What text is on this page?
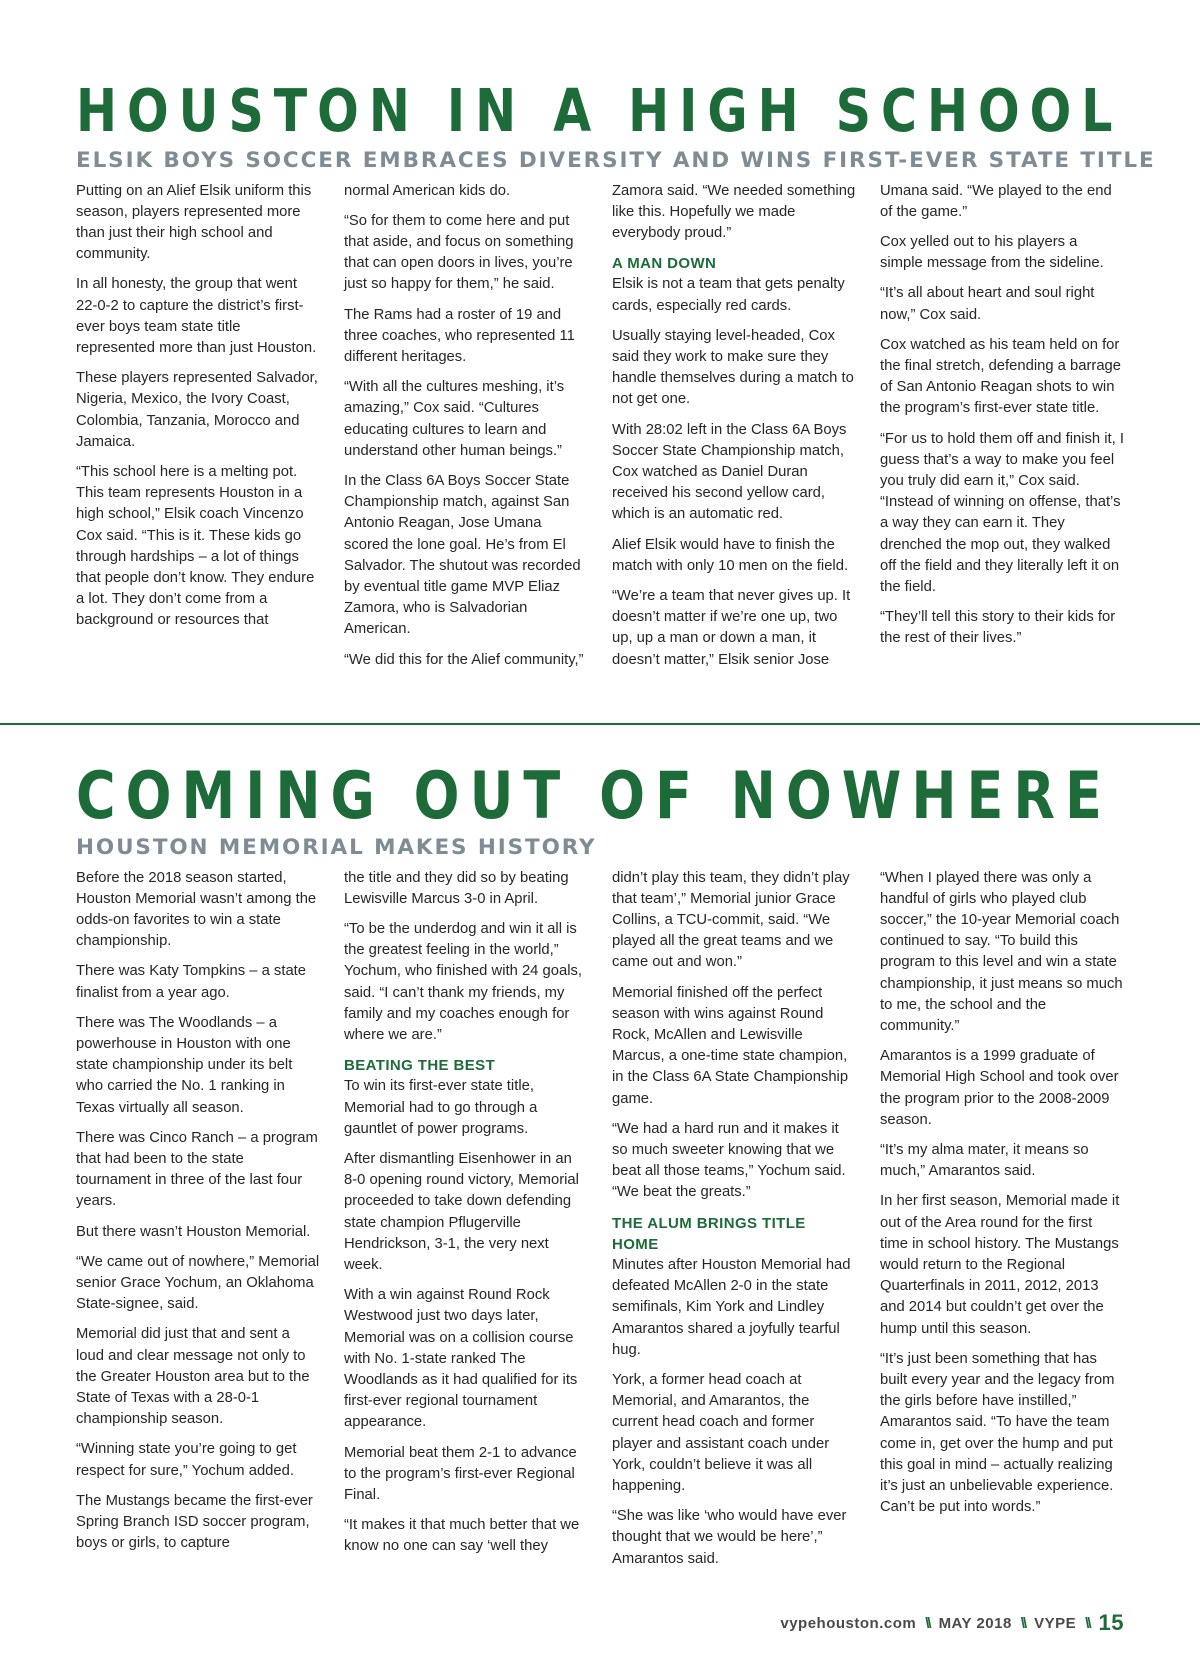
HOUSTON IN A HIGH SCHOOL
ELSIK BOYS SOCCER EMBRACES DIVERSITY AND WINS FIRST-EVER STATE TITLE

Putting on an Alief Elsik uniform this season, players represented more than just their high school and community.

In all honesty, the group that went 22-0-2 to capture the district’s first-ever boys team state title represented more than just Houston.

These players represented Salvador, Nigeria, Mexico, the Ivory Coast, Colombia, Tanzania, Morocco and Jamaica.

“This school here is a melting pot. This team represents Houston in a high school,” Elsik coach Vincenzo Cox said. “This is it. These kids go through hardships – a lot of things that people don’t know. They endure a lot. They don’t come from a background or resources that

normal American kids do.

“So for them to come here and put that aside, and focus on something that can open doors in lives, you’re just so happy for them,” he said.

The Rams had a roster of 19 and three coaches, who represented 11 different heritages.

“With all the cultures meshing, it’s amazing,” Cox said. “Cultures educating cultures to learn and understand other human beings.”

In the Class 6A Boys Soccer State Championship match, against San Antonio Reagan, Jose Umana scored the lone goal. He’s from El Salvador. The shutout was recorded by eventual title game MVP Eliaz Zamora, who is Salvadorian American.

“We did this for the Alief community,”

Zamora said. “We needed something like this. Hopefully we made everybody proud.”

A MAN DOWN

Elsik is not a team that gets penalty cards, especially red cards.

Usually staying level-headed, Cox said they work to make sure they handle themselves during a match to not get one.

With 28:02 left in the Class 6A Boys Soccer State Championship match, Cox watched as Daniel Duran received his second yellow card, which is an automatic red.

Alief Elsik would have to finish the match with only 10 men on the field.

“We’re a team that never gives up. It doesn’t matter if we’re one up, two up, up a man or down a man, it doesn’t matter,” Elsik senior Jose

Umana said. “We played to the end of the game.”

Cox yelled out to his players a simple message from the sideline.

“It’s all about heart and soul right now,” Cox said.

Cox watched as his team held on for the final stretch, defending a barrage of San Antonio Reagan shots to win the program’s first-ever state title.

“For us to hold them off and finish it, I guess that’s a way to make you feel you truly did earn it,” Cox said. “Instead of winning on offense, that’s a way they can earn it. They drenched the mop out, they walked off the field and they literally left it on the field.

“They’ll tell this story to their kids for the rest of their lives.”

COMING OUT OF NOWHERE
HOUSTON MEMORIAL MAKES HISTORY

Before the 2018 season started, Houston Memorial wasn’t among the odds-on favorites to win a state championship.

There was Katy Tompkins – a state finalist from a year ago.

There was The Woodlands – a powerhouse in Houston with one state championship under its belt who carried the No. 1 ranking in Texas virtually all season.

There was Cinco Ranch – a program that had been to the state tournament in three of the last four years.

But there wasn’t Houston Memorial.

“We came out of nowhere,” Memorial senior Grace Yochum, an Oklahoma State-signee, said.

Memorial did just that and sent a loud and clear message not only to the Greater Houston area but to the State of Texas with a 28-0-1 championship season.

“Winning state you’re going to get respect for sure,” Yochum added.

The Mustangs became the first-ever Spring Branch ISD soccer program, boys or girls, to capture

the title and they did so by beating Lewisville Marcus 3-0 in April.

“To be the underdog and win it all is the greatest feeling in the world,” Yochum, who finished with 24 goals, said. “I can’t thank my friends, my family and my coaches enough for where we are.”

BEATING THE BEST

To win its first-ever state title, Memorial had to go through a gauntlet of power programs.

After dismantling Eisenhower in an 8-0 opening round victory, Memorial proceeded to take down defending state champion Pflugerville Hendrickson, 3-1, the very next week.

With a win against Round Rock Westwood just two days later, Memorial was on a collision course with No. 1-state ranked The Woodlands as it had qualified for its first-ever regional tournament appearance.

Memorial beat them 2-1 to advance to the program’s first-ever Regional Final.

“It makes it that much better that we know no one can say ‘well they

didn’t play this team, they didn’t play that team’,” Memorial junior Grace Collins, a TCU-commit, said. “We played all the great teams and we came out and won.”

Memorial finished off the perfect season with wins against Round Rock, McAllen and Lewisville Marcus, a one-time state champion, in the Class 6A State Championship game.

“We had a hard run and it makes it so much sweeter knowing that we beat all those teams,” Yochum said. “We beat the greats.”

THE ALUM BRINGS TITLE HOME

Minutes after Houston Memorial had defeated McAllen 2-0 in the state semifinals, Kim York and Lindley Amarantos shared a joyfully tearful hug.

York, a former head coach at Memorial, and Amarantos, the current head coach and former player and assistant coach under York, couldn’t believe it was all happening.

“She was like ‘who would have ever thought that we would be here’,” Amarantos said.

“When I played there was only a handful of girls who played club soccer,” the 10-year Memorial coach continued to say. “To build this program to this level and win a state championship, it just means so much to me, the school and the community.”

Amarantos is a 1999 graduate of Memorial High School and took over the program prior to the 2008-2009 season.

“It’s my alma mater, it means so much,” Amarantos said.

In her first season, Memorial made it out of the Area round for the first time in school history. The Mustangs would return to the Regional Quarterfinals in 2011, 2012, 2013 and 2014 but couldn’t get over the hump until this season.

“It’s just been something that has built every year and the legacy from the girls before have instilled,” Amarantos said. “To have the team come in, get over the hump and put this goal in mind – actually realizing it’s just an unbelievable experience. Can’t be put into words.”

vypehouston.com \\ MAY 2018 \\ VYPE \\ 15
